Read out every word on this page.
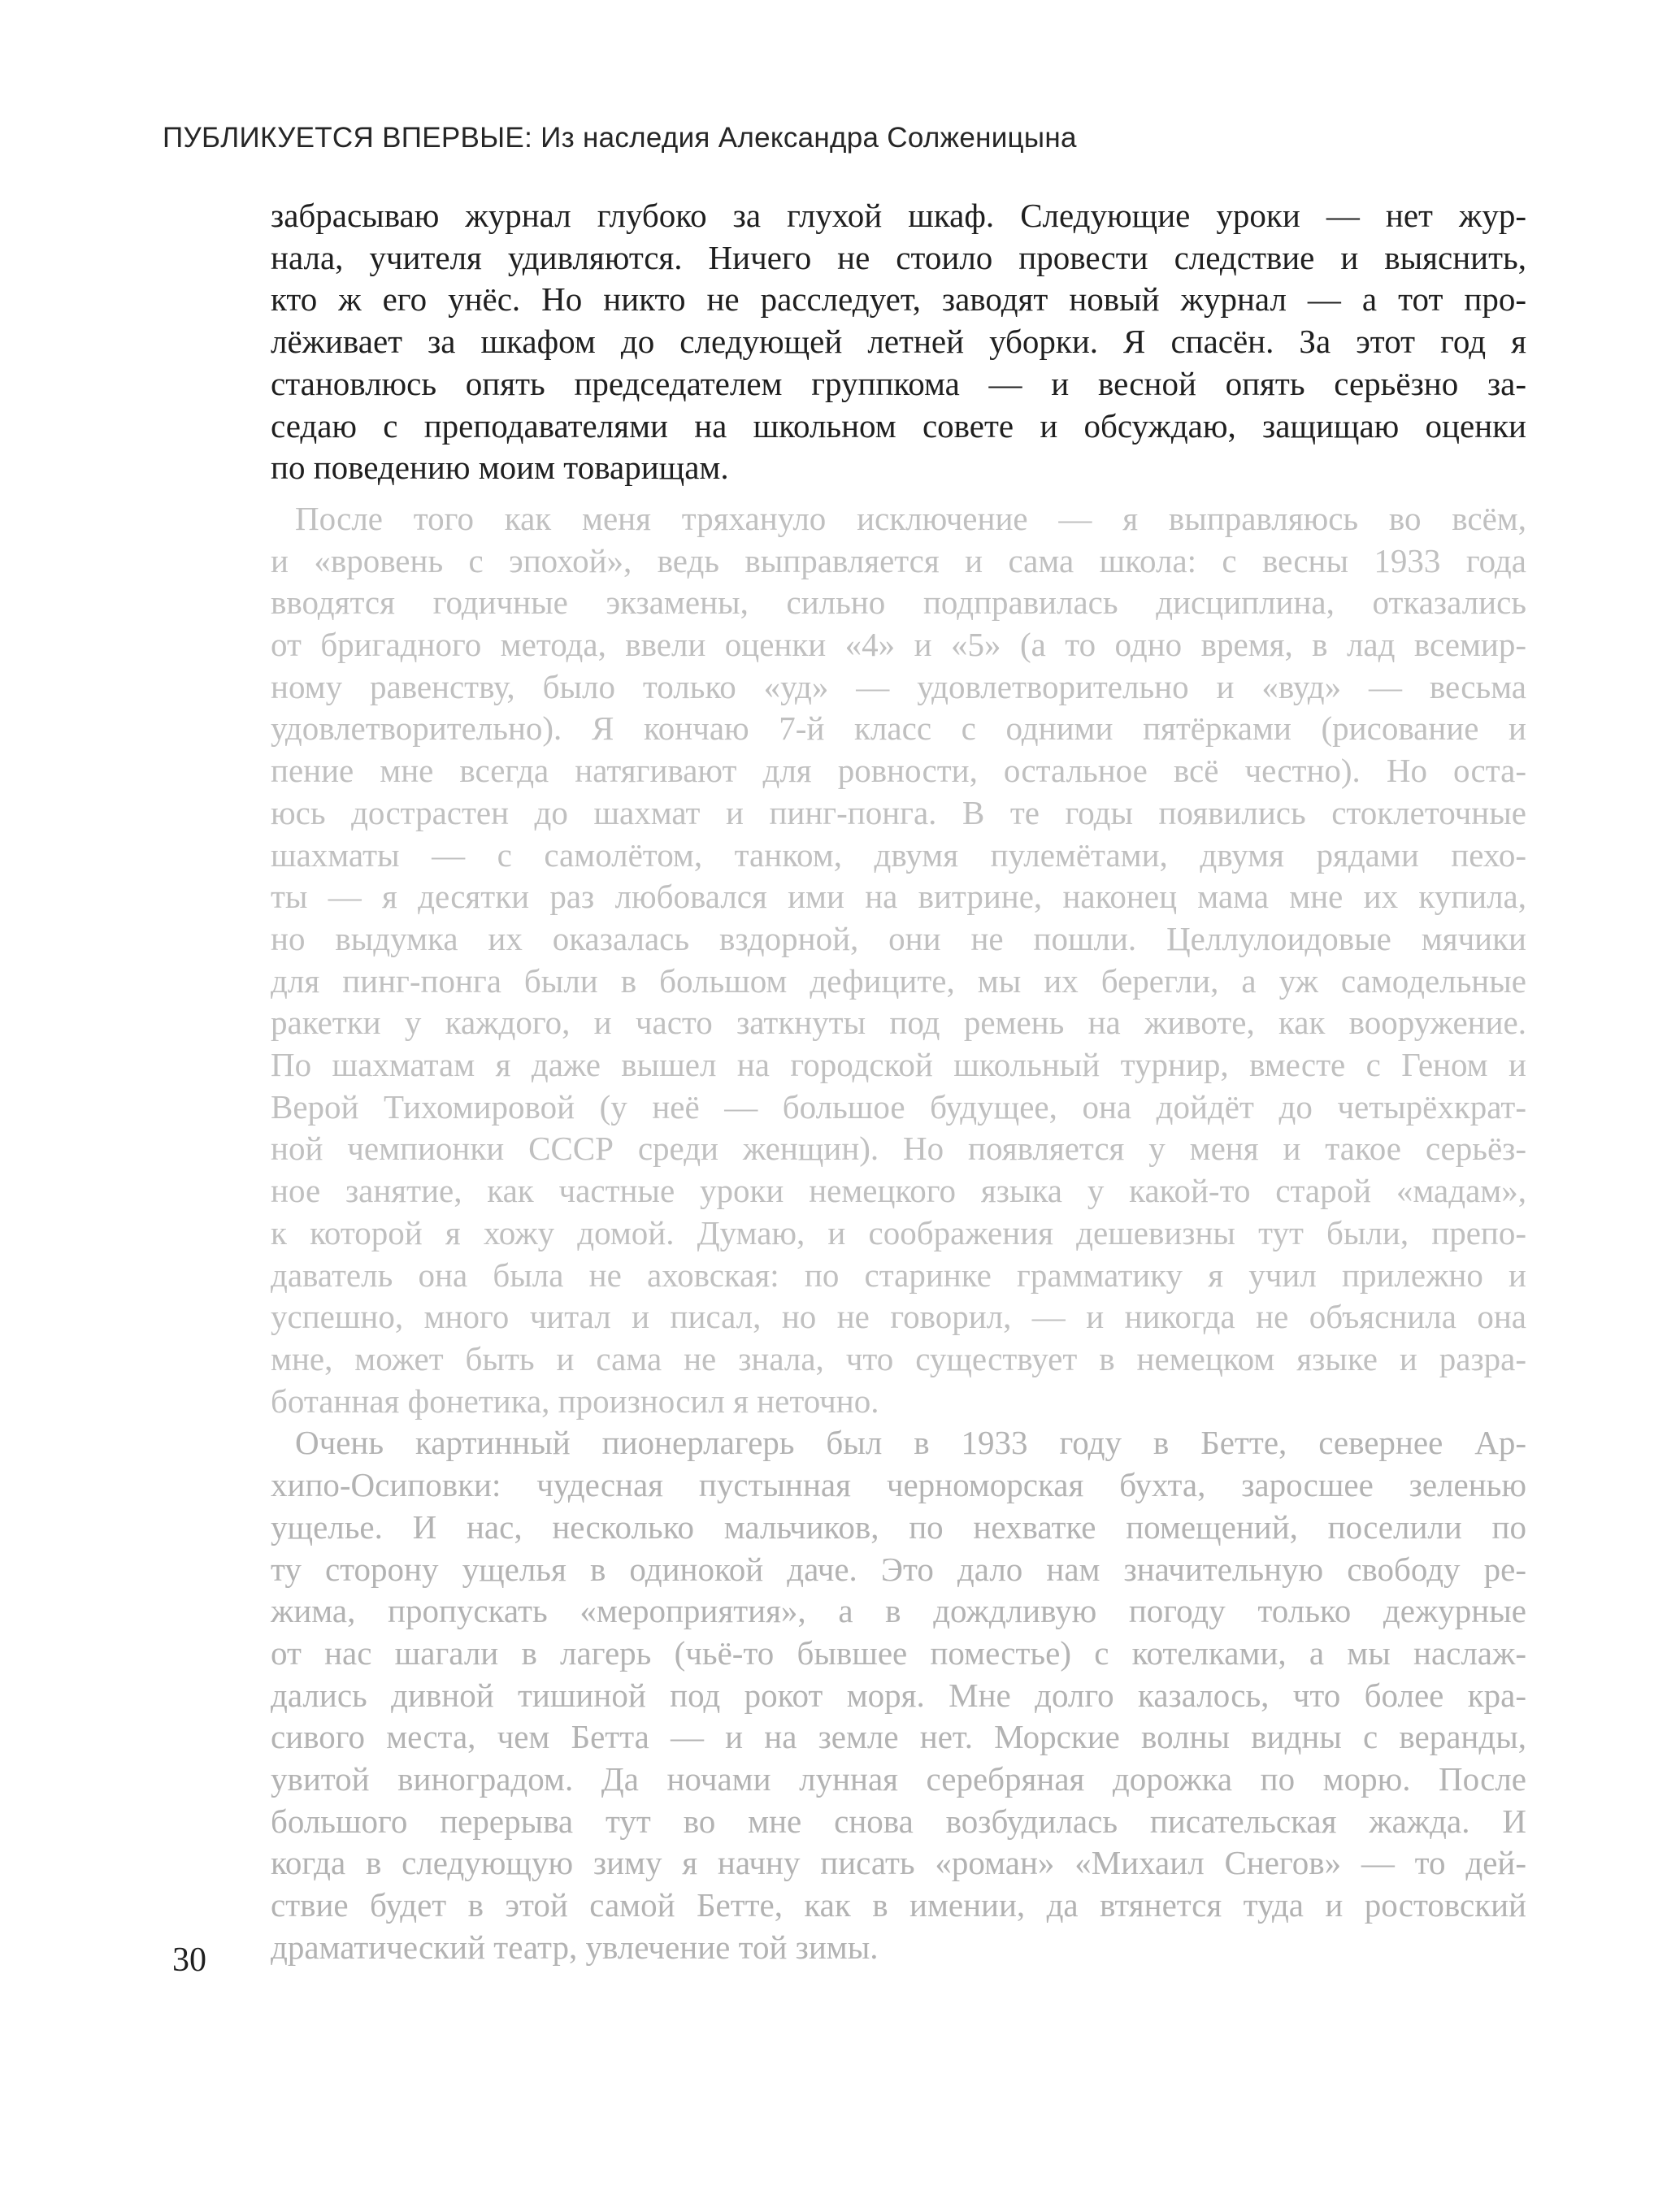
ПУБЛИКУЕТСЯ ВПЕРВЫЕ: Из наследия Александра Солженицына
забрасываю журнал глубоко за глухой шкаф. Следующие уроки — нет жур-
нала, учителя удивляются. Ничего не стоило провести следствие и выяснить,
кто ж его унёс. Но никто не расследует, заводят новый журнал — а тот про-
лёживает за шкафом до следующей летней уборки. Я спасён. За этот год я
становлюсь опять председателем группкома — и весной опять серьёзно за-
седаю с преподавателями на школьном совете и обсуждаю, защищаю оценки
по поведению моим товарищам.
После того как меня тряхануло исключение — я выправляюсь во всём,
и «вровень с эпохой», ведь выправляется и сама школа: с весны 1933 года
вводятся годичные экзамены, сильно подправилась дисциплина, отказались
от бригадного метода, ввели оценки «4» и «5» (а то одно время, в лад всемир-
ному равенству, было только «уд» — удовлетворительно и «вуд» — весьма
удовлетворительно). Я кончаю 7-й класс с одними пятёрками (рисование и
пение мне всегда натягивают для ровности, остальное всё честно). Но оста-
юсь дострастен до шахмат и пинг-понга. В те годы появились стоклеточные
шахматы — с самолётом, танком, двумя пулемётами, двумя рядами пехо-
ты — я десятки раз любовался ими на витрине, наконец мама мне их купила,
но выдумка их оказалась вздорной, они не пошли. Целлулоидовые мячики
для пинг-понга были в большом дефиците, мы их берегли, а уж самодельные
ракетки у каждого, и часто заткнуты под ремень на животе, как вооружение.
По шахматам я даже вышел на городской школьный турнир, вместе с Геном и
Верой Тихомировой (у неё — большое будущее, она дойдёт до четырёхкрат-
ной чемпионки СССР среди женщин). Но появляется у меня и такое серьёз-
ное занятие, как частные уроки немецкого языка у какой-то старой «мадам»,
к которой я хожу домой. Думаю, и соображения дешевизны тут были, препо-
даватель она была не аховская: по старинке грамматику я учил прилежно и
успешно, много читал и писал, но не говорил, — и никогда не объяснила она
мне, может быть и сама не знала, что существует в немецком языке и разра-
ботанная фонетика, произносил я неточно.
Очень картинный пионерлагерь был в 1933 году в Бетте, севернее Ар-
хипо-Осиповки: чудесная пустынная черноморская бухта, заросшее зеленью
ущелье. И нас, несколько мальчиков, по нехватке помещений, поселили по
ту сторону ущелья в одинокой даче. Это дало нам значительную свободу ре-
жима, пропускать «мероприятия», а в дождливую погоду только дежурные
от нас шагали в лагерь (чьё-то бывшее поместье) с котелками, а мы наслаж-
дались дивной тишиной под рокот моря. Мне долго казалось, что более кра-
сивого места, чем Бетта — и на земле нет. Морские волны видны с веранды,
увитой виноградом. Да ночами лунная серебряная дорожка по морю. После
большого перерыва тут во мне снова возбудилась писательская жажда. И
когда в следующую зиму я начну писать «роман» «Михаил Снегов» — то дей-
ствие будет в этой самой Бетте, как в имении, да втянется туда и ростовский
драматический театр, увлечение той зимы.
30
